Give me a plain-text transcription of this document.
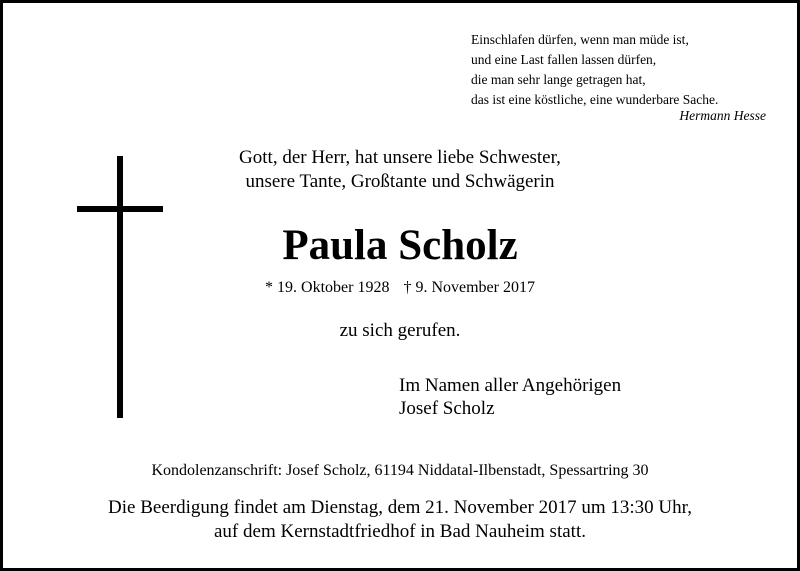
Einschlafen dürfen, wenn man müde ist,
und eine Last fallen lassen dürfen,
die man sehr lange getragen hat,
das ist eine köstliche, eine wunderbare Sache.
Hermann Hesse
Gott, der Herr, hat unsere liebe Schwester,
unsere Tante, Großtante und Schwägerin
Paula Scholz
* 19. Oktober 1928 † 9. November 2017
zu sich gerufen.
Im Namen aller Angehörigen
Josef Scholz
Kondolenzanschrift: Josef Scholz, 61194 Niddatal-Ilbenstadt, Spessartring 30
Die Beerdigung findet am Dienstag, dem 21. November 2017 um 13:30 Uhr,
auf dem Kernstadtfriedhof in Bad Nauheim statt.
